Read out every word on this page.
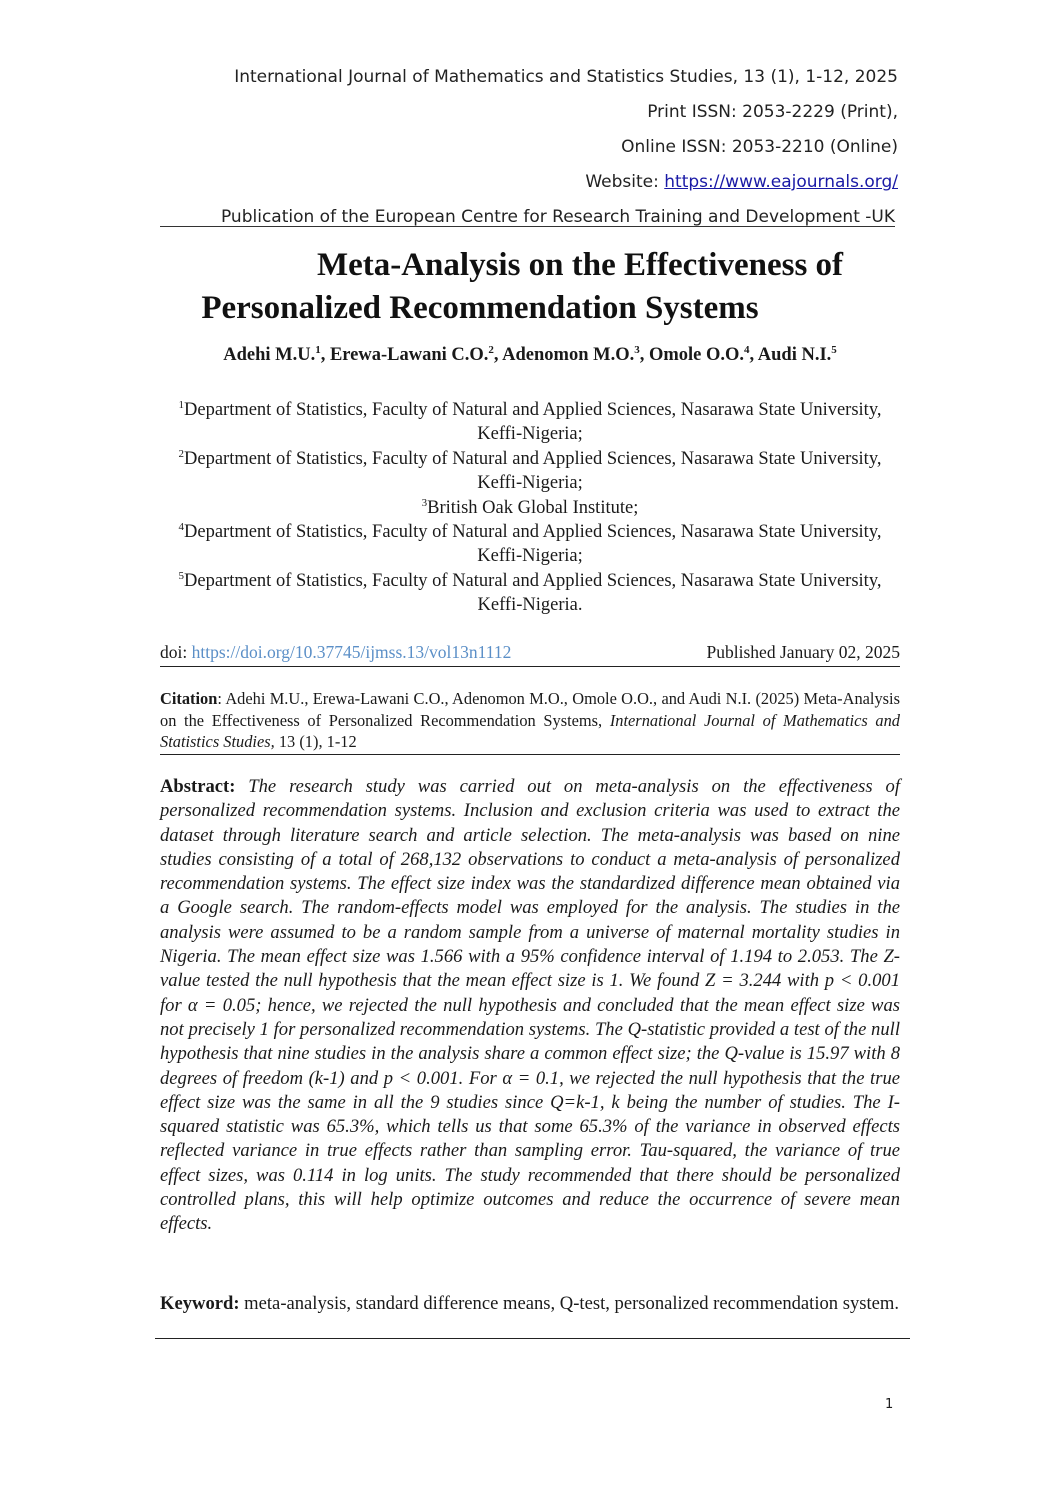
International Journal of Mathematics and Statistics Studies, 13 (1), 1-12, 2025
Print ISSN: 2053-2229 (Print),
Online ISSN: 2053-2210 (Online)
Website: https://www.eajournals.org/
Publication of the European Centre for Research Training and Development -UK
Meta-Analysis on the Effectiveness of
Personalized Recommendation Systems
Adehi M.U.$^1$, Erewa-Lawani C.O.$^2$, Adenomon M.O.$^3$, Omole O.O.$^4$, Audi N.I.$^5$
$^1$Department of Statistics, Faculty of Natural and Applied Sciences, Nasarawa State University, Keffi-Nigeria;
$^2$Department of Statistics, Faculty of Natural and Applied Sciences, Nasarawa State University, Keffi-Nigeria;
$^3$British Oak Global Institute;
$^4$Department of Statistics, Faculty of Natural and Applied Sciences, Nasarawa State University, Keffi-Nigeria;
$^5$Department of Statistics, Faculty of Natural and Applied Sciences, Nasarawa State University, Keffi-Nigeria.
doi: https://doi.org/10.37745/ijmss.13/vol13n1112	Published January 02, 2025
Citation: Adehi M.U., Erewa-Lawani C.O., Adenomon M.O., Omole O.O., and Audi N.I. (2025) Meta-Analysis on the Effectiveness of Personalized Recommendation Systems, International Journal of Mathematics and Statistics Studies, 13 (1), 1-12
Abstract: The research study was carried out on meta-analysis on the effectiveness of personalized recommendation systems. Inclusion and exclusion criteria was used to extract the dataset through literature search and article selection. The meta-analysis was based on nine studies consisting of a total of 268,132 observations to conduct a meta-analysis of personalized recommendation systems. The effect size index was the standardized difference mean obtained via a Google search. The random-effects model was employed for the analysis. The studies in the analysis were assumed to be a random sample from a universe of maternal mortality studies in Nigeria. The mean effect size was 1.566 with a 95% confidence interval of 1.194 to 2.053. The Z-value tested the null hypothesis that the mean effect size is 1. We found Z = 3.244 with p < 0.001 for α = 0.05; hence, we rejected the null hypothesis and concluded that the mean effect size was not precisely 1 for personalized recommendation systems. The Q-statistic provided a test of the null hypothesis that nine studies in the analysis share a common effect size; the Q-value is 15.97 with 8 degrees of freedom (k-1) and p < 0.001. For α = 0.1, we rejected the null hypothesis that the true effect size was the same in all the 9 studies since Q=k-1, k being the number of studies. The I-squared statistic was 65.3%, which tells us that some 65.3% of the variance in observed effects reflected variance in true effects rather than sampling error. Tau-squared, the variance of true effect sizes, was 0.114 in log units. The study recommended that there should be personalized controlled plans, this will help optimize outcomes and reduce the occurrence of severe mean effects.
Keyword: meta-analysis, standard difference means, Q-test, personalized recommendation system.
1
